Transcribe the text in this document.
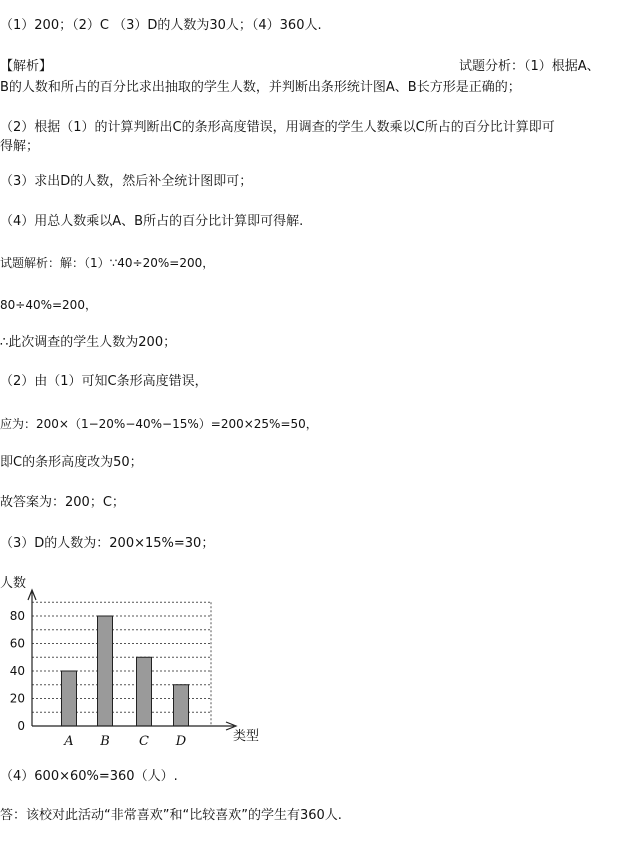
（1）200；（2）C （3）D的人数为30人；（4）360人.
【解析】	试题分析：（1）根据A、
B的人数和所占的百分比求出抽取的学生人数，并判断出条形统计图A、B长方形是正确的；
（2）根据（1）的计算判断出C的条形高度错误，用调查的学生人数乘以C所占的百分比计算即可
得解；
（3）求出D的人数，然后补全统计图即可；
（4）用总人数乘以A、B所占的百分比计算即可得解.
试题解析：解：（1）∵40÷20%=200，
80÷40%=200，
∴此次调查的学生人数为200；
（2）由（1）可知C条形高度错误，
应为：200×（1−20%−40%−15%）=200×25%=50，
即C的条形高度改为50；
故答案为：200；C；
（3）D的人数为：200×15%=30；
0
20
40
60
80
A B C D
人数
类型
（4）600×60%=360（人）.
答：该校对此活动“非常喜欢”和“比较喜欢”的学生有360人.
